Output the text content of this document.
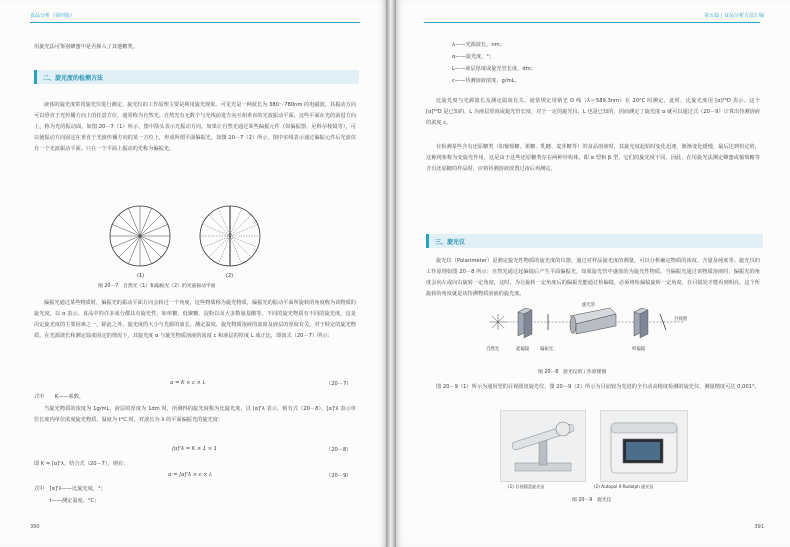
食品分析（第四版）
用旋光法可鉴别蜂蜜中是否掺入了其他糖类。
二、旋光度的检测方法
液体的旋光度常用旋光仪进行测定。旋光仪的工作原理主要是利用旋光现象。可见光是一种波长为 380～780nm 的电磁波，其振动方向可以垂直于光传播方向上的任意方位，通常称为自然光。自然光有无数个与光线前进方向互相垂直的光波振动平面，这些平面在光的前进方向上，称为光的振动面。如图 20－7（1）所示，图中箭头表示光振动方向。如果让自然光通过某些偏振元件（如偏振器、尼科尔棱镜等），可以使振动方向固定在垂直于光波传播方向的某一方位上，形成所谓平面偏振光，如图 20－7（2）所示。图中实线表示通过偏振元件后光波仅有一个光波振动平面。只在一个平面上振动的光称为偏振光。
(1)	(2)
图 20－7　自然光（1）和偏振光（2）的光波振动平面
偏振光通过某些物质时，偏振光的振动平面方向会转过一个角度，这些物质称为旋光物质，偏振光的振动平面所旋转的角度称为该物质的旋光度，以 α 表示。食品中的许多成分都具有旋光性，如单糖、低聚糖、淀粉以及大多数氨基酸等。不同的旋光物质有不同的旋光度，这是决定旋光度的主要因素之一，除此之外，旋光度的大小与光源的波长、测定温度、旋光物质溶液的浓度及液层的厚度有关。对于特定的旋光物质，在光源波长和测定温度固定的情况下，其旋光度 α 与旋光物质溶液的浓度 c 和液层的厚度 L 成正比，即如式（20－7）所示：
α = K × c × L	（20－7）
式中　　K——系数。
当旋光物质的浓度为 1g/mL、液层的厚度为 1dm 时，所测得的旋光度称为比旋光度，以 [α]ᵗλ 表示，则有式（20－8）。[α]ᵗλ 表示单位长度内单位浓度旋光物质，温度为 t°C 时，对波长为 λ 的平面偏振光的旋光度：
[α]ᵗλ = K × 1 × 1	（20－8）
即 K = [α]ᵗλ，结合式（20－7），则有：
α = [α]ᵗλ × c × L	（20－9）
式中　[α]ᵗλ——比旋光度，°；
　　　t——测定温度，°C；
390
第五篇 | 食品分析方法汇编
λ——光源波长，nm；
α——旋光度，°；
L——液层厚度或旋光管长度，dm；
c——待测溶液浓度，g/mL。
比旋光度与光源波长及测定温度有关。通常规定用钠光 D 线（λ＝589.3nm）在 20°C 时测定，此时，比旋光度用 [α]²⁰D 表示。这个 [α]²⁰D 是已知的，L 为液层厚度或旋光管长度，对于一定的旋光仪，L 也是已知的，因而测定了旋光度 α 就可以通过式（20－9）计算出待测溶液的浓度 c。
在检测某些含有还原糖类（如葡萄糖、果糖、乳糖、麦芽糖等）的食品溶液时，其旋光度起始时变化迅速，渐渐变化缓慢，最后达到恒定值，这种现象称为变旋光作用。这是由于这些还原糖类存在两种异构体，即 α 型和 β 型，它们的旋光度不同。因此，在用旋光法测定蜂蜜或葡萄糖等含有还原糖的样品时，应将待测溶液放置过夜后再测定。
三、旋光仪
旋光仪（Polarimeter）是测定旋光性物质的旋光度的仪器，通过对样品旋光度的测量，可以分析确定物质的浓度、含量及纯度等。旋光仪的工作原理如图 20－8 所示：自然光通过起偏镜后产生平面偏振光，如果旋光管中盛放的为旋光性物质，当偏振光通过该物质溶液时，偏振光的角度会向左或向右旋转一定角度，这时，为让旋转一定角度后的偏振光能通过检偏镜，必须将检偏镜旋转一定角度，在目镜处才能看到明亮。这个所旋转的角度就是该待测物质溶液的旋光度。
自然光	起偏镜 偏振光
旋光管
检偏镜
目视窗
图 20－8　旋光仪的工作原理图
图 20－9（1）所示为通用型的目视圆盘旋光仪，图 20－9（2）所示为目前较为先进的全自动高精度检测的旋光仪，测量精度可达 0.001°。
(1) 目视圆盘旋光仪	(2) Autopol II-Rudolph 旋光仪
图 20－9　旋光仪
391
